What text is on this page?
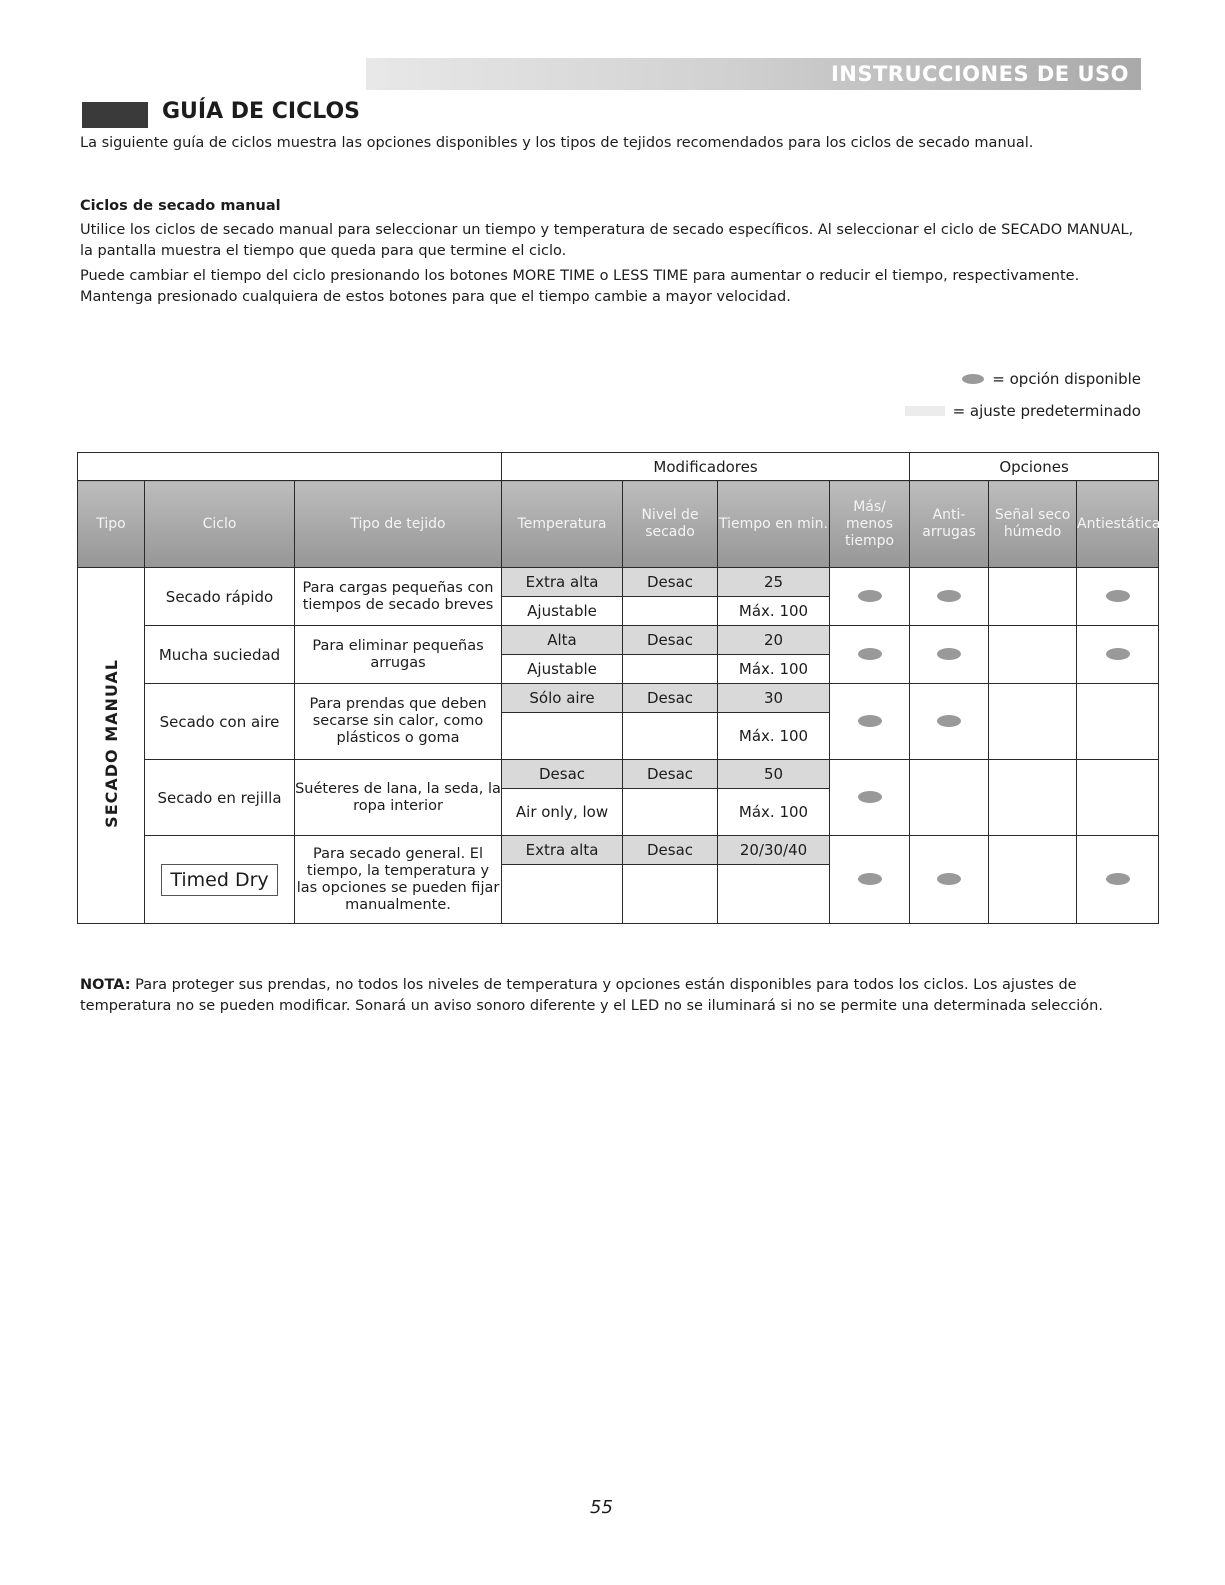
INSTRUCCIONES DE USO
GUÍA DE CICLOS

La siguiente guía de ciclos muestra las opciones disponibles y los tipos de tejidos recomendados para los ciclos de secado manual.

Ciclos de secado manual

Utilice los ciclos de secado manual para seleccionar un tiempo y temperatura de secado específicos. Al seleccionar el ciclo de SECADO MANUAL, la pantalla muestra el tiempo que queda para que termine el ciclo.

Puede cambiar el tiempo del ciclo presionando los botones MORE TIME o LESS TIME para aumentar o reducir el tiempo, respectivamente. Mantenga presionado cualquiera de estos botones para que el tiempo cambie a mayor velocidad.

= opción disponible
= ajuste predeterminado
			Modificadores				Opciones		
Tipo	Ciclo	Tipo de tejido	Temperatura	Nivel de secado	Tiempo en min.	Más/ menos tiempo	Anti-arrugas	Señal seco húmedo	Antiestática
SECADO MANUAL	Secado rápido	Para cargas pequeñas con tiempos de secado breves	Extra alta	Desac	25				
			Ajustable		Máx. 100				
	Mucha suciedad	Para eliminar pequeñas arrugas	Alta	Desac	20				
			Ajustable		Máx. 100				
	Secado con aire	Para prendas que deben secarse sin calor, como plásticos o goma	Sólo aire	Desac	30				
					Máx. 100				
	Secado en rejilla	Suéteres de lana, la seda, la ropa interior	Desac	Desac	50				
			Air only, low		Máx. 100				
	Timed Dry	Para secado general. El tiempo, la temperatura y las opciones se pueden fijar manualmente.	Extra alta	Desac	20/30/40				

NOTA: Para proteger sus prendas, no todos los niveles de temperatura y opciones están disponibles para todos los ciclos. Los ajustes de temperatura no se pueden modificar. Sonará un aviso sonoro diferente y el LED no se iluminará si no se permite una determinada selección.

55
